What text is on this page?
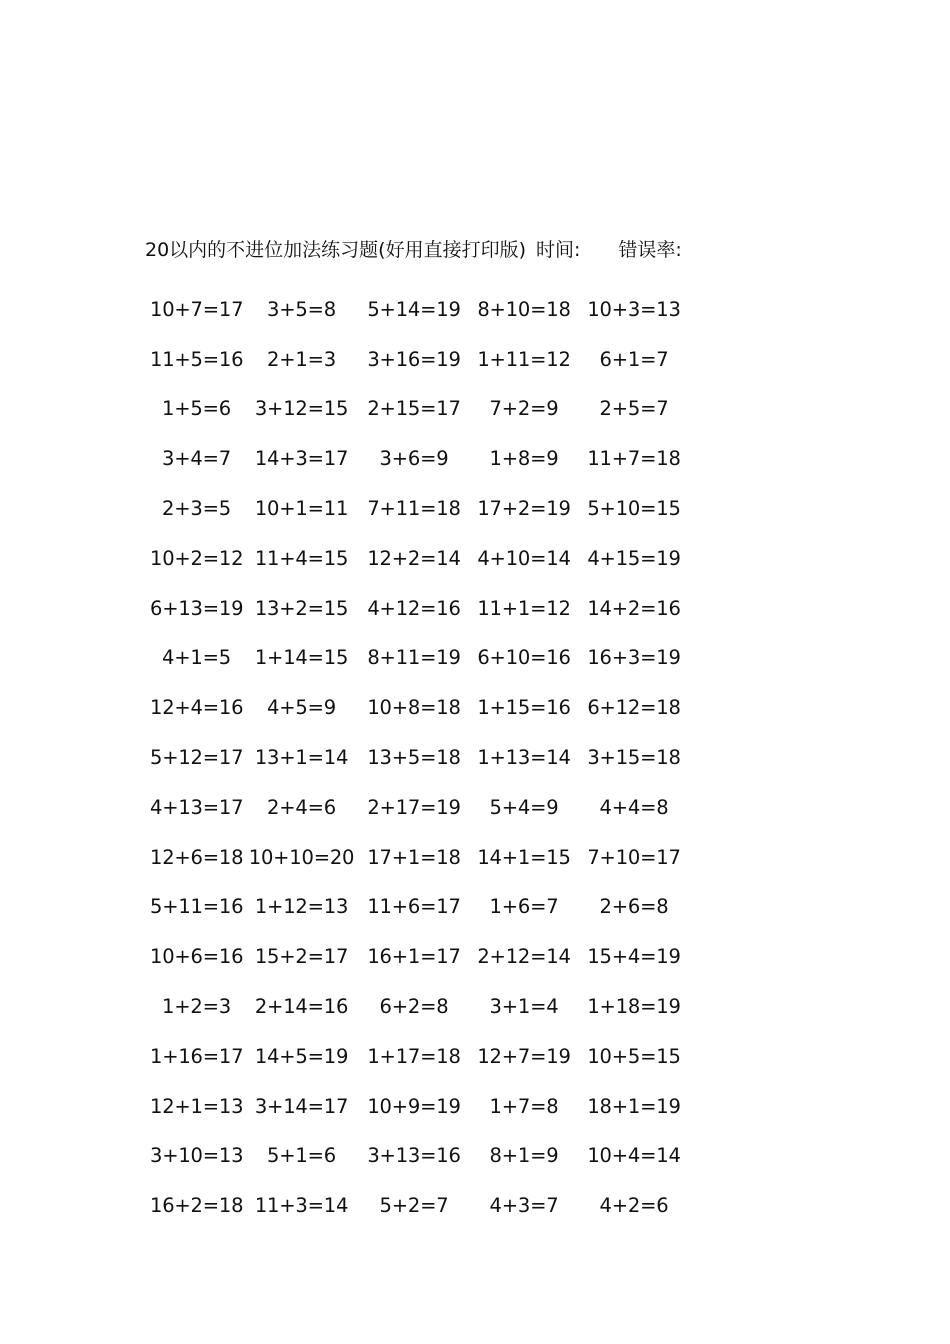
20以内的不进位加法练习题(好用直接打印版) 时间: 错误率:
10+7=17	3+5=8	5+14=19 8+10=18 10+3=13
11+5=16	2+1=3	3+16=19 1+11=12	6+1=7
1+5=6	3+12=15 2+15=17	7+2=9	2+5=7
3+4=7	14+3=17	3+6=9	1+8=9	11+7=18
2+3=5	10+1=11 7+11=18 17+2=19 5+10=15
10+2=12 11+4=15 12+2=14 4+10=14 4+15=19
6+13=19 13+2=15 4+12=16 11+1=12 14+2=16
4+1=5	1+14=15 8+11=19 6+10=16 16+3=19
12+4=16	4+5=9	10+8=18 1+15=16 6+12=18
5+12=17 13+1=14 13+5=18 1+13=14 3+15=18
4+13=17	2+4=6	2+17=19	5+4=9	4+4=8
12+6=18 10+10=20 17+1=18 14+1=15 7+10=17
5+11=16 1+12=13 11+6=17	1+6=7	2+6=8
10+6=16 15+2=17 16+1=17 2+12=14 15+4=19
1+2=3	2+14=16	6+2=8	3+1=4	1+18=19
1+16=17 14+5=19 1+17=18 12+7=19 10+5=15
12+1=13 3+14=17 10+9=19	1+7=8	18+1=19
3+10=13	5+1=6	3+13=16	8+1=9	10+4=14
16+2=18 11+3=14	5+2=7	4+3=7	4+2=6
